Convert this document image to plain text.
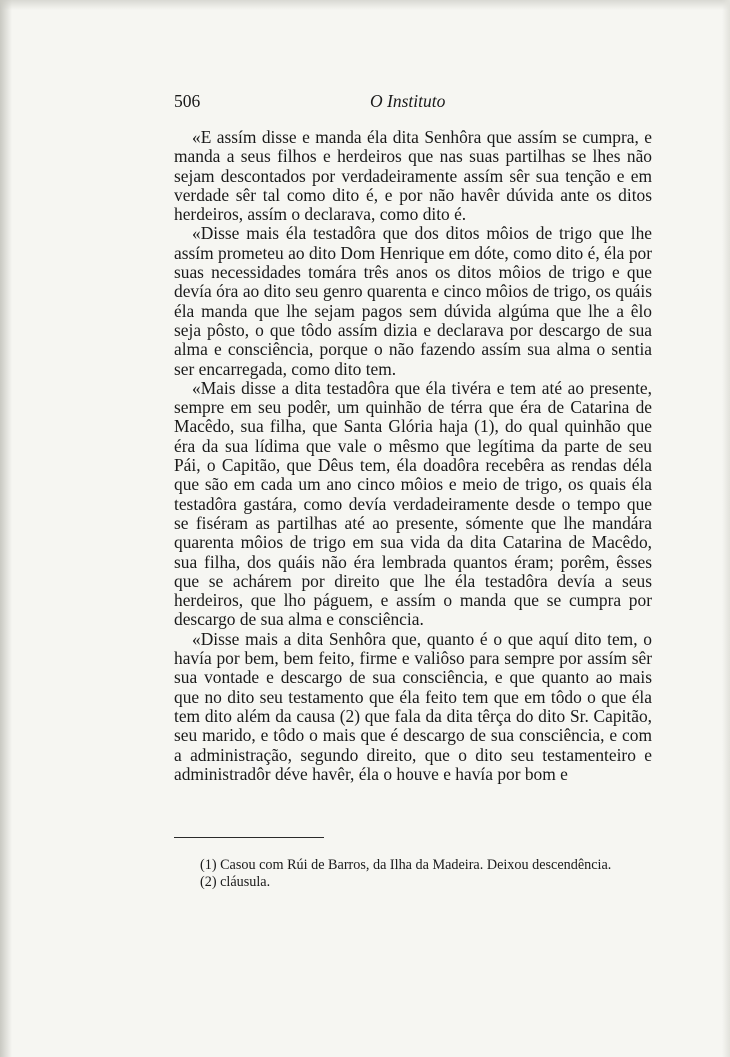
506	O Instituto

«E assím disse e manda éla dita Senhôra que assím se cumpra, e manda a seus filhos e herdeiros que nas suas partilhas se lhes não sejam descontados por verdadeiramente assím sêr sua tenção e em verdade sêr tal como dito é, e por não havêr dúvida ante os ditos herdeiros, assím o declarava, como dito é.

«Disse mais éla testadôra que dos ditos môios de trigo que lhe assím prometeu ao dito Dom Henrique em dóte, como dito é, éla por suas necessidades tomára três anos os ditos môios de trigo e que devía óra ao dito seu genro quarenta e cinco môios de trigo, os quáis éla manda que lhe sejam pagos sem dúvida algúma que lhe a êlo seja pôsto, o que tôdo assím dizia e declarava por descargo de sua alma e consciência, porque o não fazendo assím sua alma o sentia ser encarregada, como dito tem.

«Mais disse a dita testadôra que éla tivéra e tem até ao presente, sempre em seu podêr, um quinhão de térra que éra de Catarina de Macêdo, sua filha, que Santa Glória haja (1), do qual quinhão que éra da sua lídima que vale o mêsmo que legítima da parte de seu Pái, o Capitão, que Dêus tem, éla doadôra recebêra as rendas déla que são em cada um ano cinco môios e meio de trigo, os quais éla testadôra gastára, como devía verdadeiramente desde o tempo que se fiséram as partilhas até ao presente, sómente que lhe mandára quarenta môios de trigo em sua vida da dita Catarina de Macêdo, sua filha, dos quáis não éra lembrada quantos éram; porêm, êsses que se achárem por direito que lhe éla testadôra devía a seus herdeiros, que lho páguem, e assím o manda que se cumpra por descargo de sua alma e consciência.

«Disse mais a dita Senhôra que, quanto é o que aquí dito tem, o havía por bem, bem feito, firme e valiôso para sempre por assím sêr sua vontade e descargo de sua consciência, e que quanto ao mais que no dito seu testamento que éla feito tem que em tôdo o que éla tem dito além da causa (2) que fala da dita têrça do dito Sr. Capitão, seu marido, e tôdo o mais que é descargo de sua consciência, e com a administração, segundo direito, que o dito seu testamenteiro e administradôr déve havêr, éla o houve e havía por bom e

(1) Casou com Rúi de Barros, da Ilha da Madeira. Deixou descendência.

(2) cláusula.
